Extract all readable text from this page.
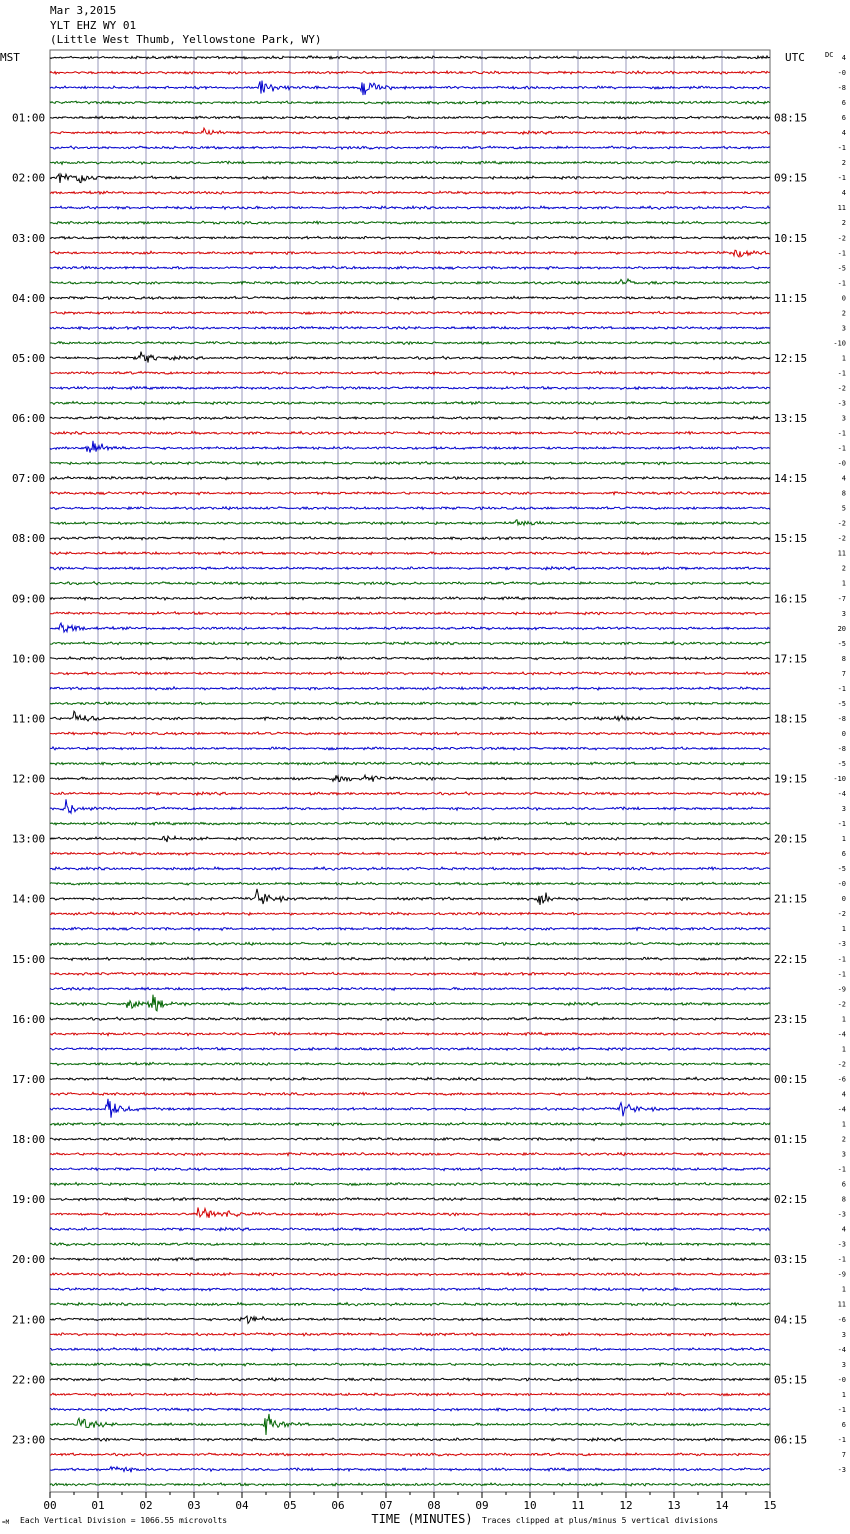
Mar 3,2015
YLT EHZ WY 01
(Little West Thumb, Yellowstone Park, WY)
4
-0
-8
6
6
4
-1
2
-1
4
11
2
-2
-1
-5
-1
0
2
3
-10
1
-1
-2
-3
3
-1
-1
-0
4
8
5
-2
-2
11
2
1
-7
3
20
-5
8
7
-1
-5
-8
0
-8
-5
-10
-4
3
-1
1
6
-5
-0
0
-2
1
-3
-1
-1
-9
-2
1
-4
1
-2
-6
4
-4
1
2
3
-1
6
8
-3
4
-3
-1
-9
1
11
-6
3
-4
3
-0
1
-1
6
-1
7
-3
01:00
02:00
03:00
04:00
05:00
06:00
07:00
08:00
09:00
10:00
11:00
12:00
13:00
14:00
15:00
16:00
17:00
18:00
19:00
20:00
21:00
22:00
23:00
08:15
09:15
10:15
11:15
12:15
13:15
14:15
15:15
16:15
17:15
18:15
19:15
20:15
21:15
22:15
23:15
00:15
01:15
02:15
03:15
04:15
05:15
06:15
00	01	02	03	04	05	06	07	08	09	10	11	12	13	14	15
MST	UTC	DC
TIME (MINUTES)
=M Each Vertical Division = 1066.55 microvolts	Traces clipped at plus/minus 5 vertical divisions
